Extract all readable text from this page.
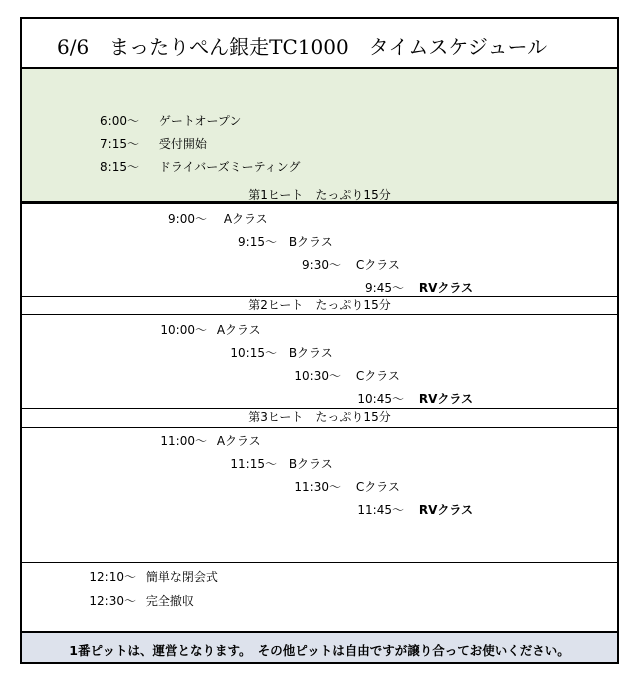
6/6　まったりぺん銀走TC1000　タイムスケジュール
6:00〜 ゲートオープン
7:15〜 受付開始
8:15〜 ドライバーズミーティング
第1ヒート　たっぷり15分
9:00〜 Aクラス
9:15〜 Bクラス
9:30〜 Cクラス
9:45〜 RVクラス
第2ヒート　たっぷり15分
10:00〜 Aクラス
10:15〜 Bクラス
10:30〜 Cクラス
10:45〜 RVクラス
第3ヒート　たっぷり15分
11:00〜 Aクラス
11:15〜 Bクラス
11:30〜 Cクラス
11:45〜 RVクラス
12:10〜 簡単な閉会式
12:30〜 完全撤収
1番ピットは、運営となります。　その他ピットは自由ですが譲り合ってお使いください。
